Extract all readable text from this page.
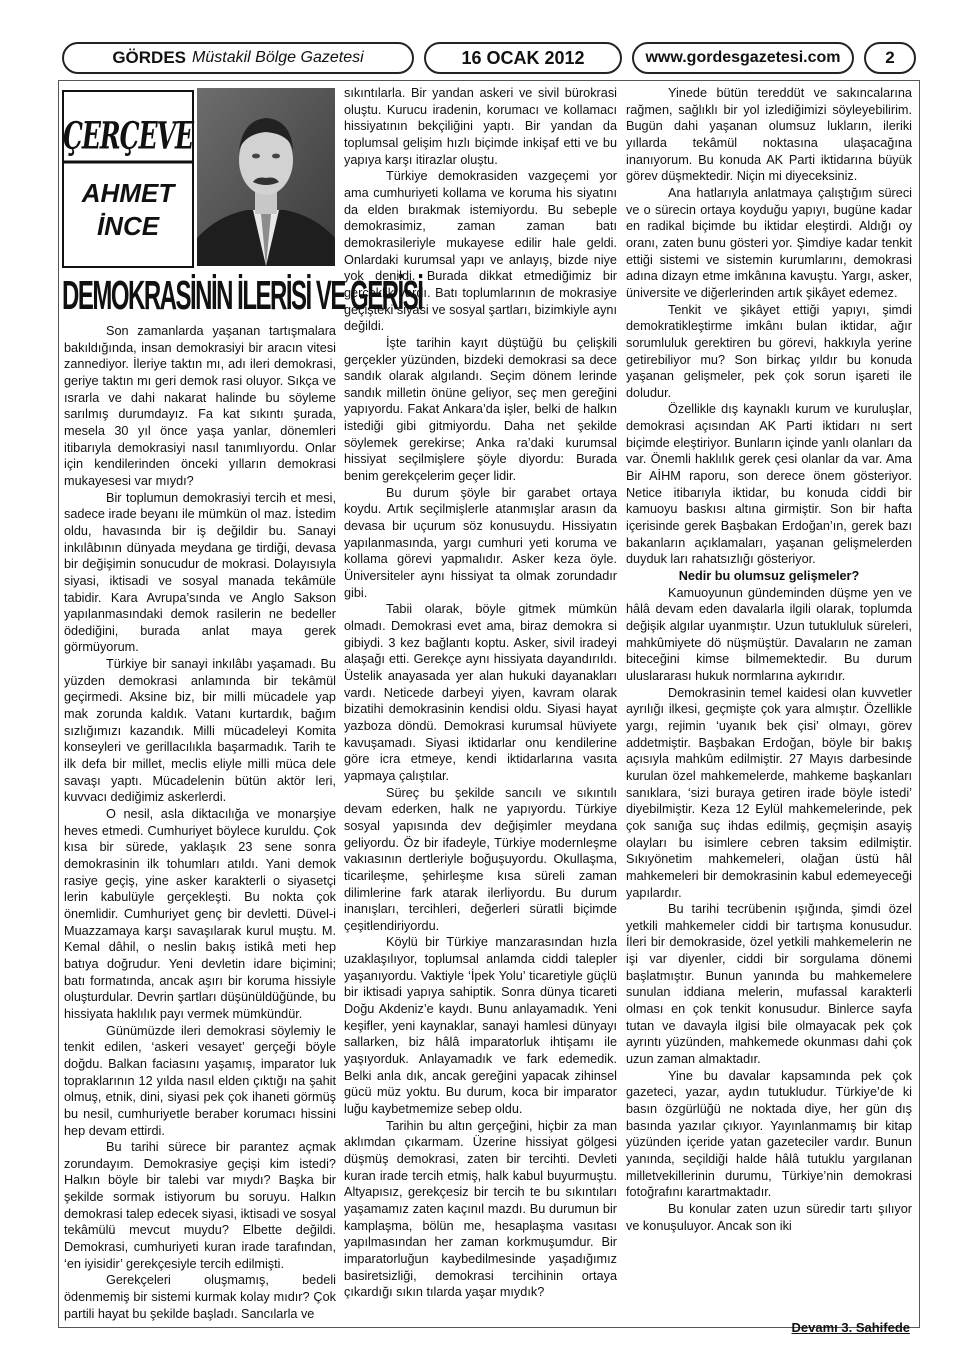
GÖRDES Müstakil Bölge Gazetesi	16 OCAK 2012	www.gordesgazetesi.com	2
ÇERÇEVE
AHMET
İNCE
DEMOKRASİNİN İLERİSİ VE GERİSİ

Son zamanlarda yaşanan tartışmalara bakıldığında, insan demokrasiyi bir aracın vitesi zannediyor. İleriye taktın mı, adı ileri demokrasi, geriye taktın mı geri demok rasi oluyor. Sıkça ve ısrarla ve dahi nakarat halinde bu söyleme sarılmış durumdayız. Fa kat sıkıntı şurada, mesela 30 yıl önce yaşa yanlar, dönemleri itibarıyla demokrasiyi nasıl tanımlıyordu. Onlar için kendilerinden önceki yılların demokrasi mukayesesi var mıydı?

Bir toplumun demokrasiyi tercih et mesi, sadece irade beyanı ile mümkün ol maz. İstedim oldu, havasında bir iş değildir bu. Sanayi inkılâbının dünyada meydana ge tirdiği, devasa bir değişimin sonucudur de mokrasi. Dolayısıyla siyasi, iktisadi ve sosyal manada tekâmüle tabidir. Kara Avrupa’sında ve Anglo Sakson yapılanmasındaki demok rasilerin ne bedeller ödediğini, burada anlat maya gerek görmüyorum.

Türkiye bir sanayi inkılâbı yaşamadı. Bu yüzden demokrasi anlamında bir tekâmül geçirmedi. Aksine biz, bir milli mücadele yap mak zorunda kaldık. Vatanı kurtardık, bağım sızlığımızı kazandık. Milli mücadeleyi Komita konseyleri ve gerillacılıkla başarmadık. Tarih te ilk defa bir millet, meclis eliyle milli müca dele savaşı yaptı. Mücadelenin bütün aktör leri, kuvvacı dediğimiz askerlerdi.

O nesil, asla diktacılığa ve monarşiye heves etmedi. Cumhuriyet böylece kuruldu. Çok kısa bir sürede, yaklaşık 23 sene sonra demokrasinin ilk tohumları atıldı. Yani demok rasiye geçiş, yine asker karakterli o siyasetçi lerin kabulüyle gerçekleşti. Bu nokta çok önemlidir. Cumhuriyet genç bir devletti. Düvel-i Muazzamaya karşı savaşılarak kurul muştu. M. Kemal dâhil, o neslin bakış istikâ meti hep batıya doğrudur. Yeni devletin idare biçimini; batı formatında, ancak aşırı bir koruma hissiyle oluşturdular. Devrin şartları düşünüldüğünde, bu hissiyata haklılık payı vermek mümkündür.

Günümüzde ileri demokrasi söylemiy le tenkit edilen, ‘askeri vesayet’ gerçeği böyle doğdu. Balkan faciasını yaşamış, imparator luk topraklarının 12 yılda nasıl elden çıktığı na şahit olmuş, etnik, dini, siyasi pek çok ihaneti görmüş bu nesil, cumhuriyetle beraber korumacı hissini hep devam ettirdi.

Bu tarihi sürece bir parantez açmak zorundayım. Demokrasiye geçişi kim istedi? Halkın böyle bir talebi var mıydı? Başka bir şekilde sormak istiyorum bu soruyu. Halkın demokrasi talep edecek siyasi, iktisadi ve sosyal tekâmülü mevcut muydu? Elbette değildi. Demokrasi, cumhuriyeti kuran irade tarafından, ‘en iyisidir’ gerekçesiyle tercih edilmişti.

Gerekçeleri oluşmamış, bedeli ödenmemiş bir sistemi kurmak kolay mıdır? Çok partili hayat bu şekilde başladı. Sancılarla ve

sıkıntılarla. Bir yandan askeri ve sivil bürokrasi oluştu. Kurucu iradenin, korumacı ve kollamacı hissiyatının bekçiliğini yaptı. Bir yandan da toplumsal gelişim hızlı biçimde inkişaf etti ve bu yapıya karşı itirazlar oluştu.

Türkiye demokrasiden vazgeçemi yor ama cumhuriyeti kollama ve koruma his siyatını da elden bırakmak istemiyordu. Bu sebeple demokrasimiz, zaman zaman batı demokrasileriyle mukayese edilir hale geldi. Onlardaki kurumsal yapı ve anlayış, bizde niye yok denildi. Burada dikkat etmediğimiz bir gerçeklik vardı. Batı toplumlarının de mokrasiye geçişteki siyasi ve sosyal şartları, bizimkiyle aynı değildi.

İşte tarihin kayıt düştüğü bu çelişkili gerçekler yüzünden, bizdeki demokrasi sa dece sandık olarak algılandı. Seçim dönem lerinde sandık milletin önüne geliyor, seç men gereğini yapıyordu. Fakat Ankara’da işler, belki de halkın istediği gibi gitmiyordu. Daha net şekilde söylemek gerekirse; Anka ra’daki kurumsal hissiyat seçilmişlere şöyle diyordu: Burada benim gerekçelerim geçer lidir.

Bu durum şöyle bir garabet ortaya koydu. Artık seçilmişlerle atanmışlar arasın da devasa bir uçurum söz konusuydu. Hissiyatın yapılanmasında, yargı cumhuri yeti koruma ve kollama görevi yapmalıdır. Asker keza öyle. Üniversiteler aynı hissiyat ta olmak zorundadır gibi.

Tabii olarak, böyle gitmek mümkün olmadı. Demokrasi evet ama, biraz demokra si gibiydi. 3 kez bağlantı koptu. Asker, sivil iradeyi alaşağı etti. Gerekçe aynı hissiyata dayandırıldı. Üstelik anayasada yer alan hukuki dayanakları vardı. Neticede darbeyi yiyen, kavram olarak bizatihi demokrasinin kendisi oldu. Siyasi hayat yazboza döndü. Demokrasi kurumsal hüviyete kavuşamadı. Siyasi iktidarlar onu kendilerine göre icra etmeye, kendi iktidarlarına vasıta yapmaya çalıştılar.

Süreç bu şekilde sancılı ve sıkıntılı devam ederken, halk ne yapıyordu. Türkiye sosyal yapısında dev değişimler meydana geliyordu. Öz bir ifadeyle, Türkiye modernleşme vakıasının dertleriyle boğuşuyordu. Okullaşma, ticarileşme, şehirleşme kısa süreli zaman dilimlerine fark atarak ilerliyordu. Bu durum inanışları, tercihleri, değerleri süratli biçimde çeşitlendiriyordu.

Köylü bir Türkiye manzarasından hızla uzaklaşılıyor, toplumsal anlamda ciddi talepler yaşanıyordu. Vaktiyle ‘İpek Yolu’ ticaretiyle güçlü bir iktisadi yapıya sahiptik. Sonra dünya ticareti Doğu Akdeniz’e kaydı. Bunu anlayamadık. Yeni keşifler, yeni kaynaklar, sanayi hamlesi dünyayı sallarken, biz hâlâ imparatorluk ihtişamı ile yaşıyorduk. Anlayamadık ve fark edemedik. Belki anla dık, ancak gereğini yapacak zihinsel gücü müz yoktu. Bu durum, koca bir imparator luğu kaybetmemize sebep oldu.

Tarihin bu altın gerçeğini, hiçbir za man aklımdan çıkarmam. Üzerine hissiyat gölgesi düşmüş demokrasi, zaten bir tercihti. Devleti kuran irade tercih etmiş, halk kabul buyurmuştu. Altyapısız, gerekçesiz bir tercih te bu sıkıntıları yaşamamız zaten kaçınıl mazdı. Bu durumun bir kamplaşma, bölün me, hesaplaşma vasıtası yapılmasından her zaman korkmuşumdur. Bir imparatorluğun kaybedilmesinde yaşadığımız basiretsizliği, demokrasi tercihinin ortaya çıkardığı sıkın tılarda yaşar mıydık?

Yinede bütün tereddüt ve sakıncalarına rağmen, sağlıklı bir yol izlediğimizi söyleyebilirim. Bugün dahi yaşanan olumsuz lukların, ileriki yıllarda tekâmül noktasına ulaşacağına inanıyorum. Bu konuda AK Parti iktidarına büyük görev düşmektedir. Niçin mi diyeceksiniz.

Ana hatlarıyla anlatmaya çalıştığım süreci ve o sürecin ortaya koyduğu yapıyı, bugüne kadar en radikal biçimde bu iktidar eleştirdi. Aldığı oy oranı, zaten bunu gösteri yor. Şimdiye kadar tenkit ettiği sistemi ve sistemin kurumlarını, demokrasi adına dizayn etme imkânına kavuştu. Yargı, asker, üniversite ve diğerlerinden artık şikâyet edemez.

Tenkit ve şikâyet ettiği yapıyı, şimdi demokratikleştirme imkânı bulan iktidar, ağır sorumluluk gerektiren bu görevi, hakkıyla yerine getirebiliyor mu? Son birkaç yıldır bu konuda yaşanan gelişmeler, pek çok sorun işareti ile doludur.

Özellikle dış kaynaklı kurum ve kuruluşlar, demokrasi açısından AK Parti iktidarı nı sert biçimde eleştiriyor. Bunların içinde yanlı olanları da var. Önemli haklılık gerek çesi olanlar da var. Ama Bir AİHM raporu, son derece önem gösteriyor. Netice itibarıyla iktidar, bu konuda ciddi bir kamuoyu baskısı altına girmiştir. Son bir hafta içerisinde gerek Başbakan Erdoğan’ın, gerek bazı bakanların açıklamaları, yaşanan gelişmelerden duyduk ları rahatsızlığı gösteriyor.

Nedir bu olumsuz gelişmeler?

Kamuoyunun gündeminden düşme yen ve hâlâ devam eden davalarla ilgili olarak, toplumda değişik algılar uyanmıştır. Uzun tutukluluk süreleri, mahkûmiyete dö nüşmüştür. Davaların ne zaman biteceğini kimse bilmemektedir. Bu durum uluslararası hukuk normlarına aykırıdır.

Demokrasinin temel kaidesi olan kuvvetler ayrılığı ilkesi, geçmişte çok yara almıştır. Özellikle yargı, rejimin ‘uyanık bek çisi’ olmayı, görev addetmiştir. Başbakan Erdoğan, böyle bir bakış açısıyla mahkûm edilmiştir. 27 Mayıs darbesinde kurulan özel mahkemelerde, mahkeme başkanları sanıklara, ‘sizi buraya getiren irade böyle istedi’ diyebilmiştir. Keza 12 Eylül mahkemelerinde, pek çok sanığa suç ihdas edilmiş, geçmişin asayiş olayları bu isimlere cebren taksim edilmiştir. Sıkıyönetim mahkemeleri, olağan üstü hâl mahkemeleri bir demokrasinin kabul edemeyeceği yapılardır.

Bu tarihi tecrübenin ışığında, şimdi özel yetkili mahkemeler ciddi bir tartışma konusudur. İleri bir demokraside, özel yetkili mahkemelerin ne işi var diyenler, ciddi bir sorgulama dönemi başlatmıştır. Bunun yanında bu mahkemelere sunulan iddiana melerin, mufassal karakterli olması en çok tenkit konusudur. Binlerce sayfa tutan ve davayla ilgisi bile olmayacak pek çok ayrıntı yüzünden, mahkemede okunması dahi çok uzun zaman almaktadır.

Yine bu davalar kapsamında pek çok gazeteci, yazar, aydın tutukludur. Türkiye’de ki basın özgürlüğü ne noktada diye, her gün dış basında yazılar çıkıyor. Yayınlanmamış bir kitap yüzünden içeride yatan gazeteciler vardır. Bunun yanında, seçildiği halde hâlâ tutuklu yargılanan milletvekillerinin durumu, Türkiye’nin demokrasi fotoğrafını karartmaktadır.

Bu konular zaten uzun süredir tartı şılıyor ve konuşuluyor. Ancak son iki

Devamı 3. Sahifede
